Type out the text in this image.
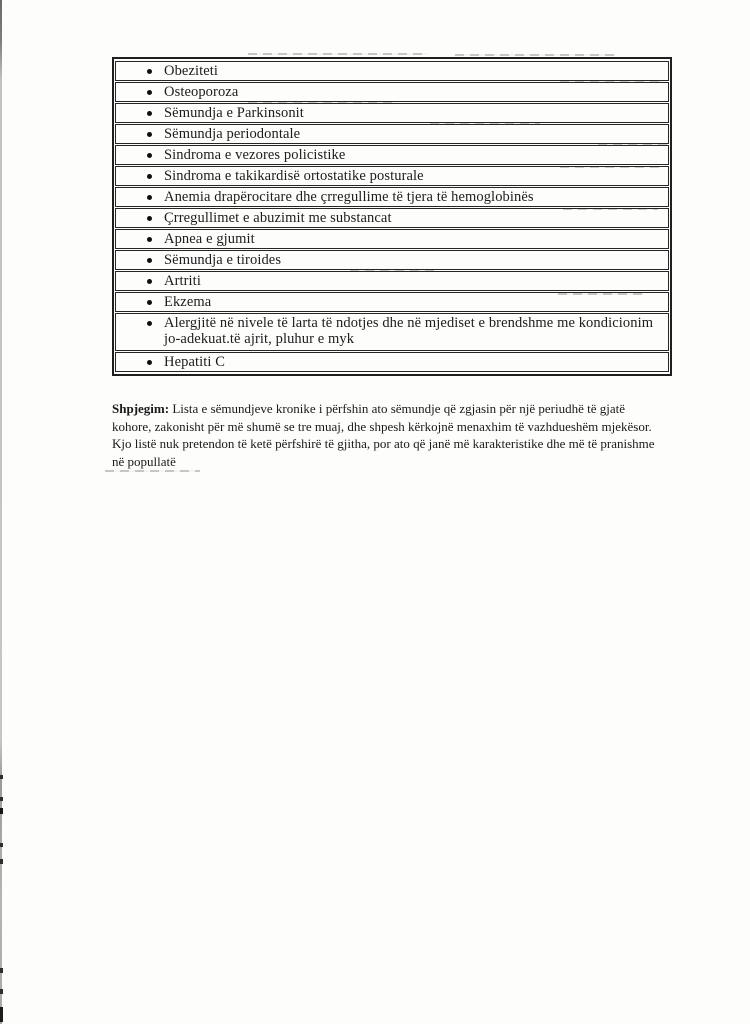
Obeziteti
Osteoporoza
Sëmundja e Parkinsonit
Sëmundja periodontale
Sindroma e vezores policistike
Sindroma e takikardisë ortostatike posturale
Anemia drapërocitare dhe çrregullime të tjera të hemoglobinës
Çrregullimet e abuzimit me substancat
Apnea e gjumit
Sëmundja e tiroides
Artriti
Ekzema
Alergjitë në nivele të larta të ndotjes dhe në mjediset e brendshme me kondicionim jo-adekuat.të ajrit, pluhur e myk
Hepatiti C
Shpjegim: Lista e sëmundjeve kronike i përfshin ato sëmundje që zgjasin për një periudhë të gjatë
kohore, zakonisht për më shumë se tre muaj, dhe shpesh kërkojnë menaxhim të vazhdueshëm mjekësor.
Kjo listë nuk pretendon të ketë përfshirë të gjitha, por ato që janë më karakteristike dhe më të pranishme
në popullatë
